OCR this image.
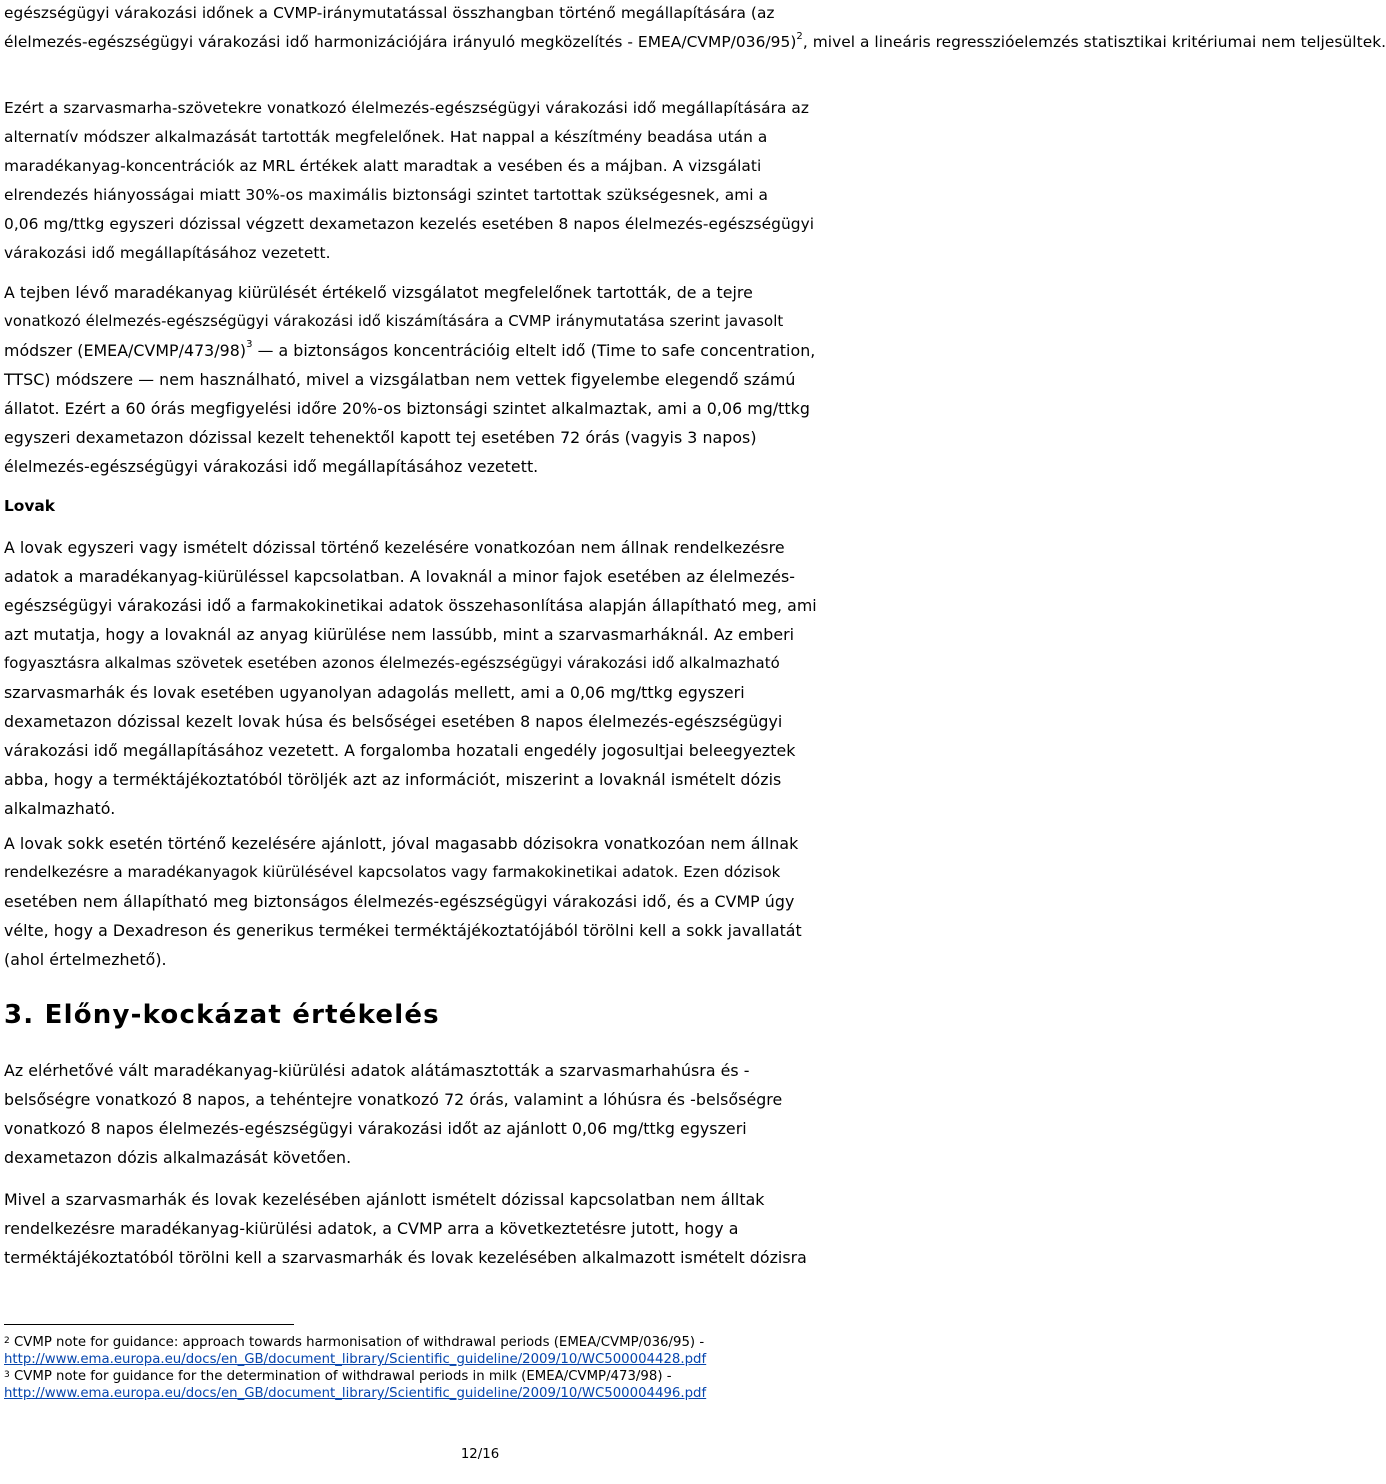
egészségügyi várakozási időnek a CVMP-iránymutatással összhangban történő megállapítására (az
élelmezés-egészségügyi várakozási idő harmonizációjára irányuló megközelítés - EMEA/CVMP/036/95)$^2$, mivel a lineáris regresszióelemzés statisztikai kritériumai nem teljesültek.
Ezért a szarvasmarha-szövetekre vonatkozó élelmezés-egészségügyi várakozási idő megállapítására az
alternatív módszer alkalmazását tartották megfelelőnek. Hat nappal a készítmény beadása után a
maradékanyag-koncentrációk az MRL értékek alatt maradtak a vesében és a májban. A vizsgálati
elrendezés hiányosságai miatt 30%-os maximális biztonsági szintet tartottak szükségesnek, ami a
0,06 mg/ttkg egyszeri dózissal végzett dexametazon kezelés esetében 8 napos élelmezés-egészségügyi
várakozási idő megállapításához vezetett.
A tejben lévő maradékanyag kiürülését értékelő vizsgálatot megfelelőnek tartották, de a tejre
vonatkozó élelmezés-egészségügyi várakozási idő kiszámítására a CVMP iránymutatása szerint javasolt
módszer (EMEA/CVMP/473/98)$^3$ — a biztonságos koncentrációig eltelt idő (Time to safe concentration,
TTSC) módszere — nem használható, mivel a vizsgálatban nem vettek figyelembe elegendő számú
állatot. Ezért a 60 órás megfigyelési időre 20%-os biztonsági szintet alkalmaztak, ami a 0,06 mg/ttkg
egyszeri dexametazon dózissal kezelt tehenektől kapott tej esetében 72 órás (vagyis 3 napos)
élelmezés-egészségügyi várakozási idő megállapításához vezetett.
Lovak
A lovak egyszeri vagy ismételt dózissal történő kezelésére vonatkozóan nem állnak rendelkezésre
adatok a maradékanyag-kiürüléssel kapcsolatban. A lovaknál a minor fajok esetében az élelmezés-
egészségügyi várakozási idő a farmakokinetikai adatok összehasonlítása alapján állapítható meg, ami
azt mutatja, hogy a lovaknál az anyag kiürülése nem lassúbb, mint a szarvasmarháknál. Az emberi
fogyasztásra alkalmas szövetek esetében azonos élelmezés-egészségügyi várakozási idő alkalmazható
szarvasmarhák és lovak esetében ugyanolyan adagolás mellett, ami a 0,06 mg/ttkg egyszeri
dexametazon dózissal kezelt lovak húsa és belsőségei esetében 8 napos élelmezés-egészségügyi
várakozási idő megállapításához vezetett. A forgalomba hozatali engedély jogosultjai beleegyeztek
abba, hogy a terméktájékoztatóból töröljék azt az információt, miszerint a lovaknál ismételt dózis
alkalmazható.
A lovak sokk esetén történő kezelésére ajánlott, jóval magasabb dózisokra vonatkozóan nem állnak
rendelkezésre a maradékanyagok kiürülésével kapcsolatos vagy farmakokinetikai adatok. Ezen dózisok
esetében nem állapítható meg biztonságos élelmezés-egészségügyi várakozási idő, és a CVMP úgy
vélte, hogy a Dexadreson és generikus termékei terméktájékoztatójából törölni kell a sokk javallatát
(ahol értelmezhető).
3. Előny-kockázat értékelés
Az elérhetővé vált maradékanyag-kiürülési adatok alátámasztották a szarvasmarhahúsra és -
belsőségre vonatkozó 8 napos, a tehéntejre vonatkozó 72 órás, valamint a lóhúsra és -belsőségre
vonatkozó 8 napos élelmezés-egészségügyi várakozási időt az ajánlott 0,06 mg/ttkg egyszeri
dexametazon dózis alkalmazását követően.
Mivel a szarvasmarhák és lovak kezelésében ajánlott ismételt dózissal kapcsolatban nem álltak
rendelkezésre maradékanyag-kiürülési adatok, a CVMP arra a következtetésre jutott, hogy a
terméktájékoztatóból törölni kell a szarvasmarhák és lovak kezelésében alkalmazott ismételt dózisra
$^2$ CVMP note for guidance: approach towards harmonisation of withdrawal periods (EMEA/CVMP/036/95) -
http://www.ema.europa.eu/docs/en_GB/document_library/Scientific_guideline/2009/10/WC500004428.pdf
$^3$ CVMP note for guidance for the determination of withdrawal periods in milk (EMEA/CVMP/473/98) -
http://www.ema.europa.eu/docs/en_GB/document_library/Scientific_guideline/2009/10/WC500004496.pdf
12/16
